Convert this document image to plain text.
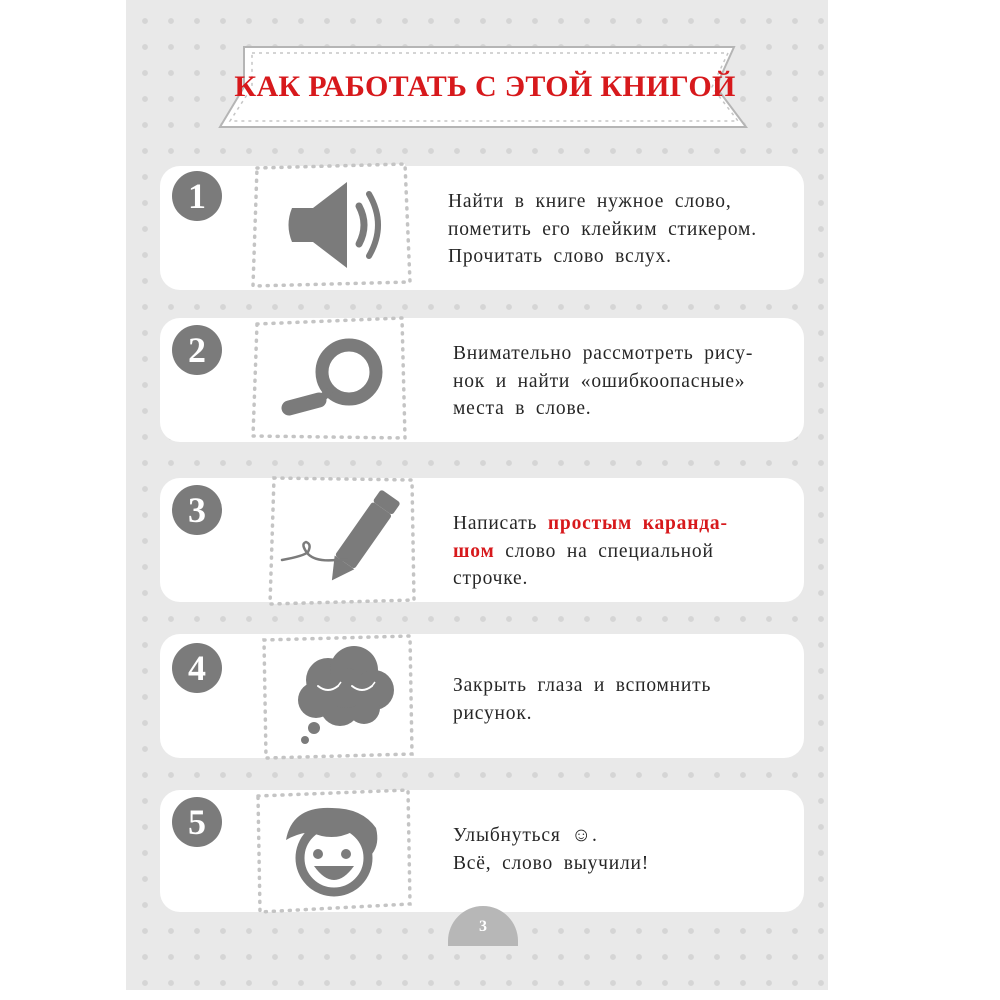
КАК РАБОТАТЬ С ЭТОЙ КНИГОЙ
1	Найти в книге нужное слово,
пометить его клейким стикером.
Прочитать слово вслух.
2	Внимательно рассмотреть рису-
нок и найти «ошибкоопасные»
места в слове.
3	Написать простым каранда-
шом слово на специальной
строчке.
4	Закрыть глаза и вспомнить
рисунок.
5	Улыбнуться ☺.
Всё, слово выучили!
3
